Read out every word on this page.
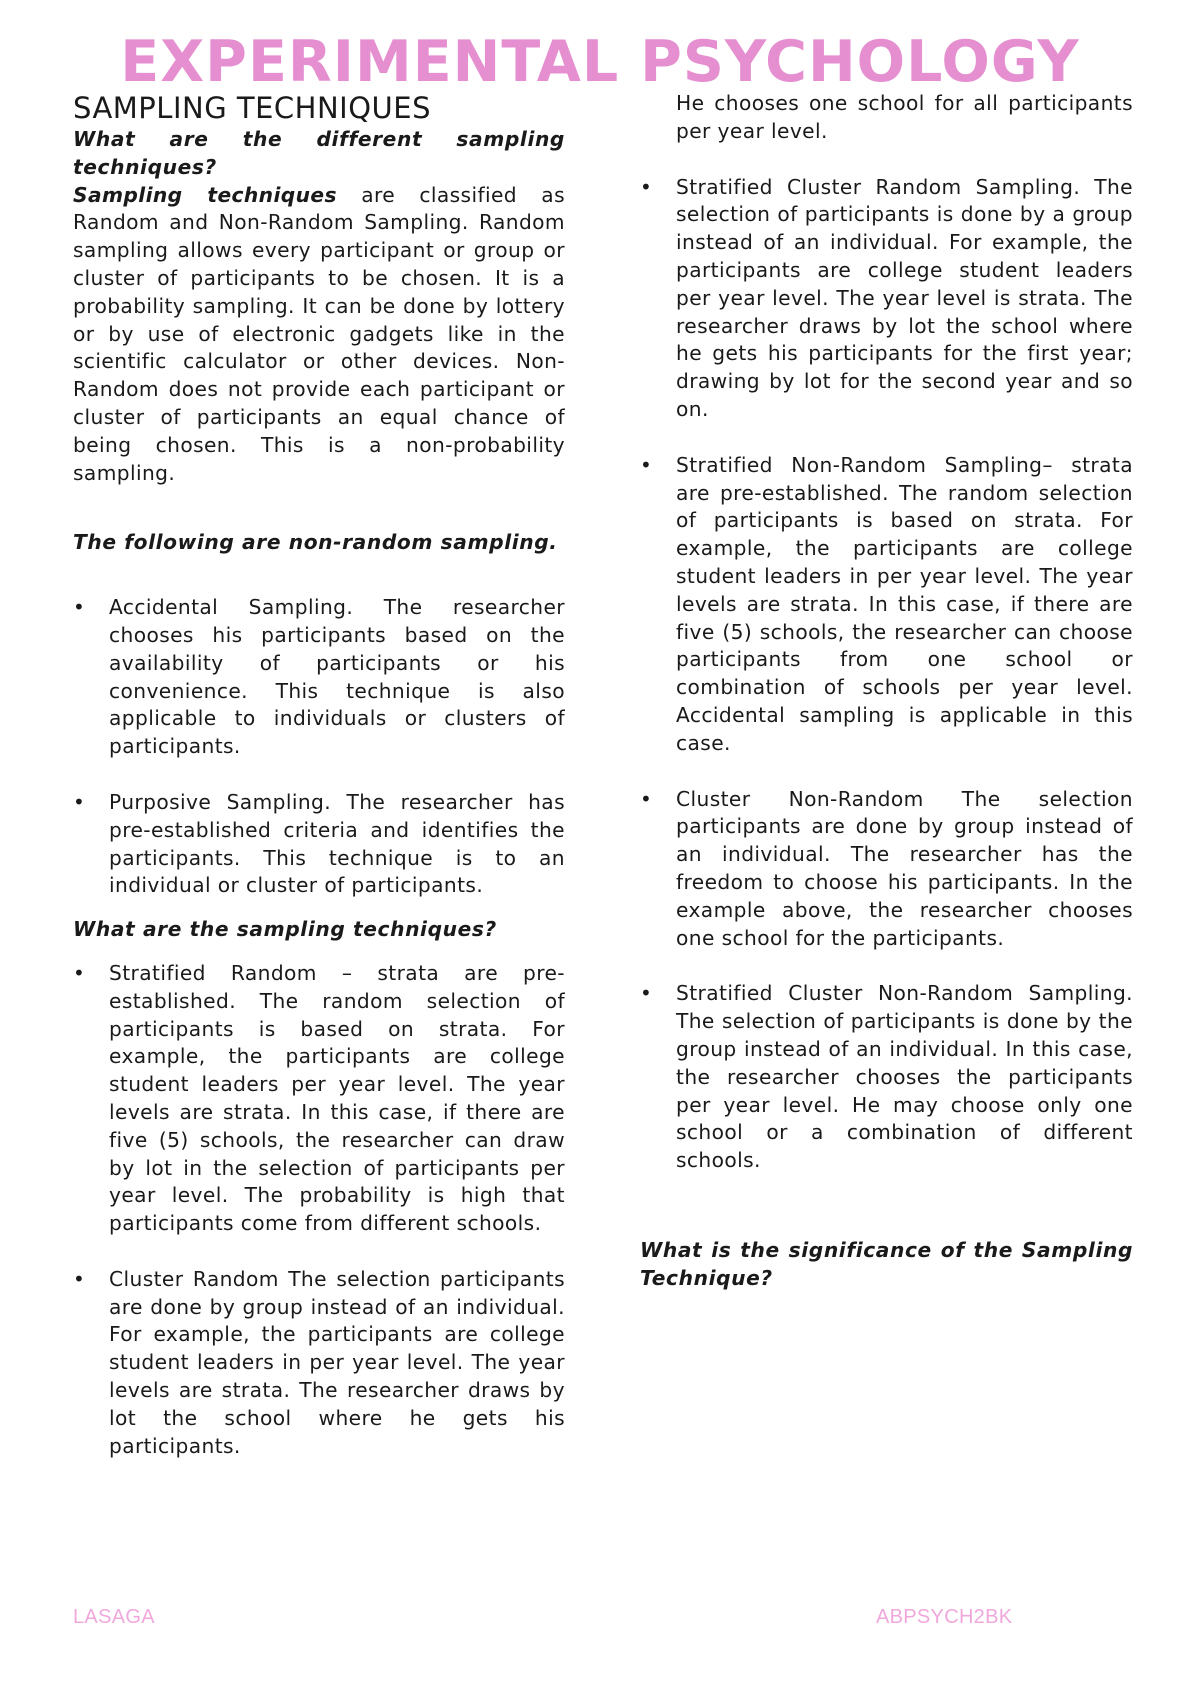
EXPERIMENTAL PSYCHOLOGY

SAMPLING TECHNIQUES

What are the different sampling techniques?

Sampling techniques are classified as Random and Non-Random Sampling. Random sampling allows every participant or group or cluster of participants to be chosen. It is a probability sampling. It can be done by lottery or by use of electronic gadgets like in the scientific calculator or other devices. Non-Random does not provide each participant or cluster of participants an equal chance of being chosen. This is a non-probability sampling.

The following are non-random sampling.

• Accidental Sampling. The researcher chooses his participants based on the availability of participants or his convenience. This technique is also applicable to individuals or clusters of participants.
• Purposive Sampling. The researcher has pre-established criteria and identifies the participants. This technique is to an individual or cluster of participants.

What are the sampling techniques?

• Stratified Random – strata are pre-established. The random selection of participants is based on strata. For example, the participants are college student leaders per year level. The year levels are strata. In this case, if there are five (5) schools, the researcher can draw by lot in the selection of participants per year level. The probability is high that participants come from different schools.
• Cluster Random The selection participants are done by group instead of an individual. For example, the participants are college student leaders in per year level. The year levels are strata. The researcher draws by lot the school where he gets his participants.
He chooses one school for all participants per year level.
• Stratified Cluster Random Sampling. The selection of participants is done by a group instead of an individual. For example, the participants are college student leaders per year level. The year level is strata. The researcher draws by lot the school where he gets his participants for the first year; drawing by lot for the second year and so on.
• Stratified Non-Random Sampling– strata are pre-established. The random selection of participants is based on strata. For example, the participants are college student leaders in per year level. The year levels are strata. In this case, if there are five (5) schools, the researcher can choose participants from one school or combination of schools per year level. Accidental sampling is applicable in this case.
• Cluster Non-Random The selection participants are done by group instead of an individual. The researcher has the freedom to choose his participants. In the example above, the researcher chooses one school for the participants.
• Stratified Cluster Non-Random Sampling. The selection of participants is done by the group instead of an individual. In this case, the researcher chooses the participants per year level. He may choose only one school or a combination of different schools.

What is the significance of the Sampling Technique?

LASAGA	ABPSYCH2BK
